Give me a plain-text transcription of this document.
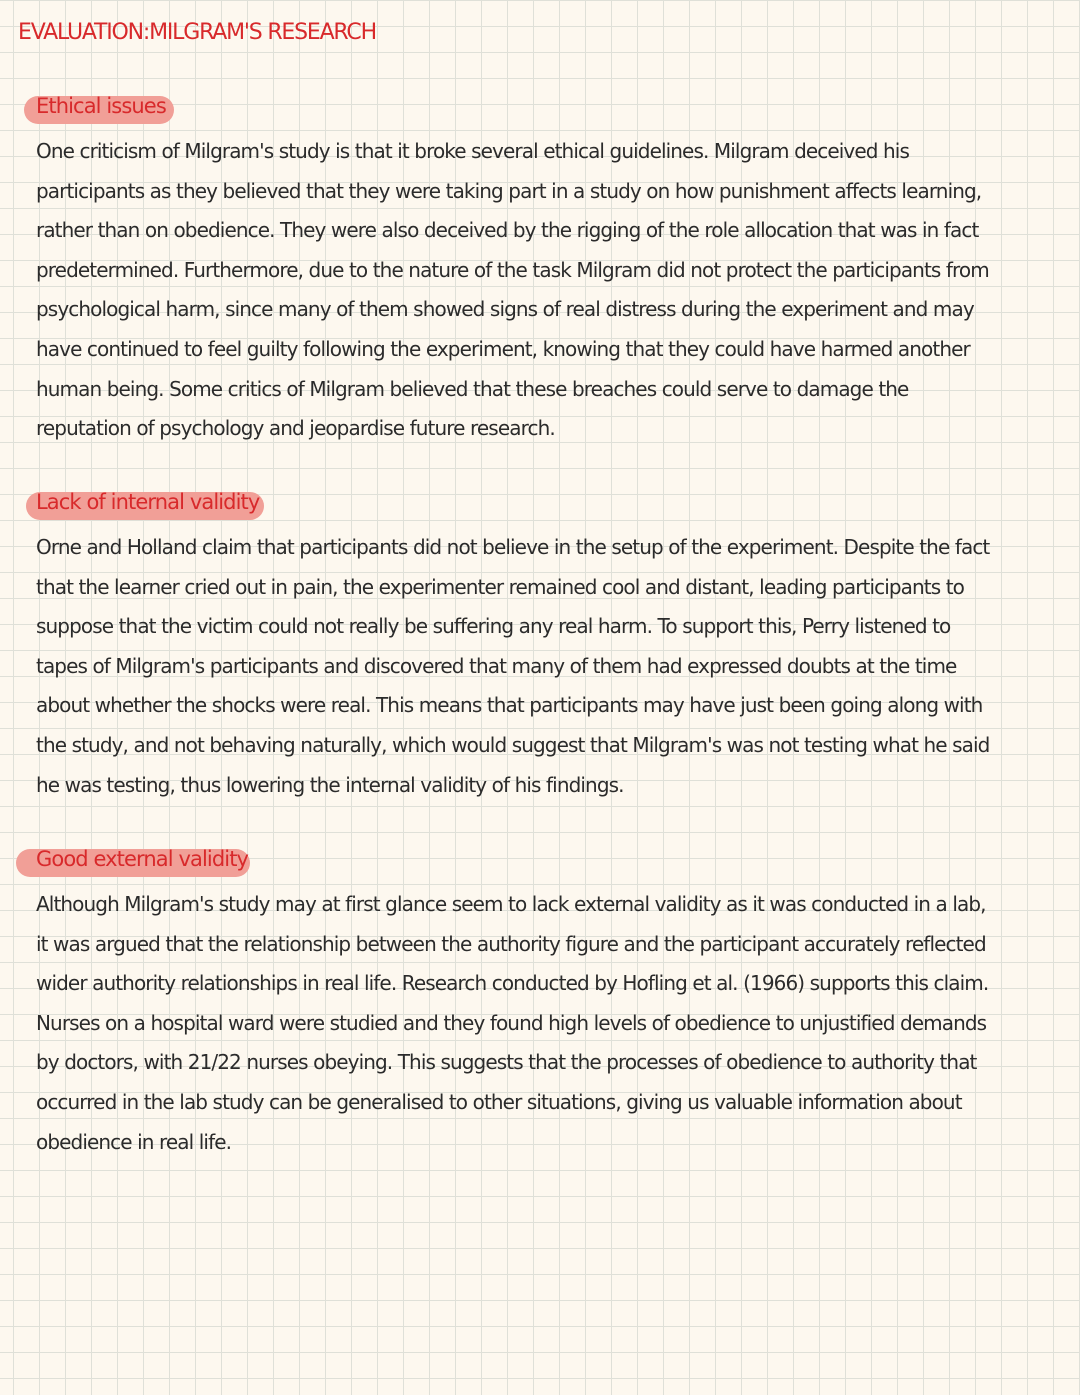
EVALUATION:MILGRAM'S RESEARCH
Ethical issues

One criticism of Milgram's study is that it broke several ethical guidelines. Milgram deceived his participants as they believed that they were taking part in a study on how punishment affects learning, rather than on obedience. They were also deceived by the rigging of the role allocation that was in fact predetermined. Furthermore, due to the nature of the task Milgram did not protect the participants from psychological harm, since many of them showed signs of real distress during the experiment and may have continued to feel guilty following the experiment, knowing that they could have harmed another human being. Some critics of Milgram believed that these breaches could serve to damage the reputation of psychology and jeopardise future research.

Lack of internal validity

Orne and Holland claim that participants did not believe in the setup of the experiment. Despite the fact that the learner cried out in pain, the experimenter remained cool and distant, leading participants to suppose that the victim could not really be suffering any real harm. To support this, Perry listened to tapes of Milgram's participants and discovered that many of them had expressed doubts at the time about whether the shocks were real. This means that participants may have just been going along with the study, and not behaving naturally, which would suggest that Milgram's was not testing what he said he was testing, thus lowering the internal validity of his findings.

Good external validity

Although Milgram's study may at first glance seem to lack external validity as it was conducted in a lab, it was argued that the relationship between the authority figure and the participant accurately reflected wider authority relationships in real life. Research conducted by Hofling et al. (1966) supports this claim. Nurses on a hospital ward were studied and they found high levels of obedience to unjustified demands by doctors, with 21/22 nurses obeying. This suggests that the processes of obedience to authority that occurred in the lab study can be generalised to other situations, giving us valuable information about obedience in real life.
